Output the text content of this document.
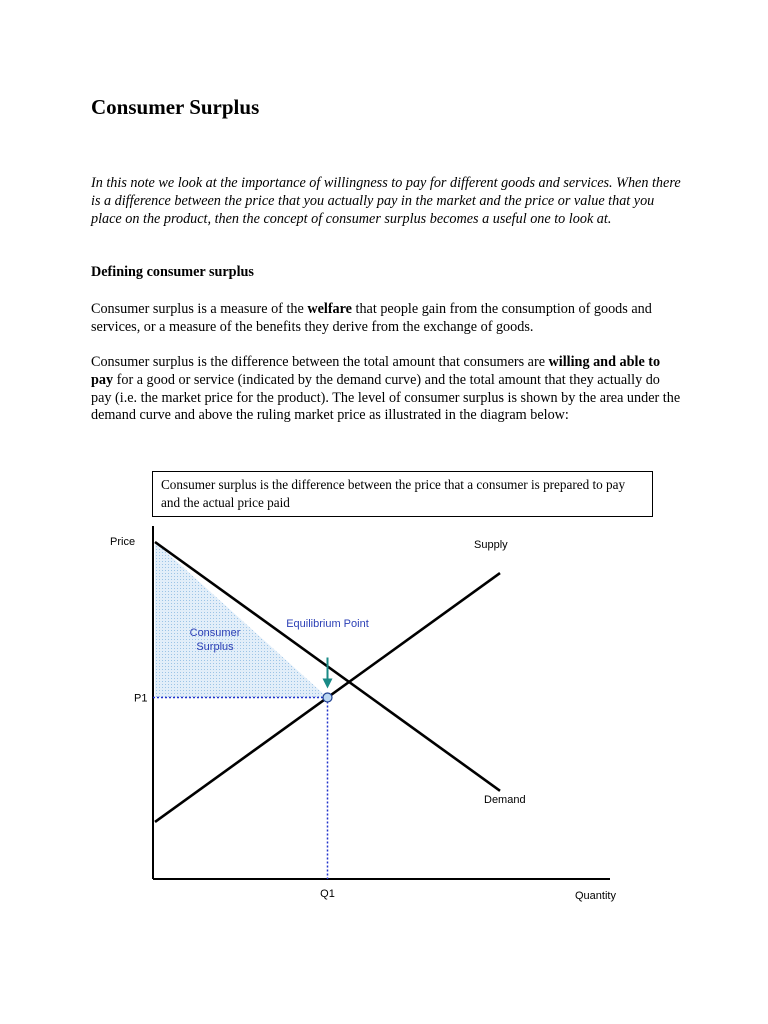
Consumer Surplus

In this note we look at the importance of willingness to pay for different goods and services. When there is a difference between the price that you actually pay in the market and the price or value that you place on the product, then the concept of consumer surplus becomes a useful one to look at.

Defining consumer surplus

Consumer surplus is a measure of the welfare that people gain from the consumption of goods and services, or a measure of the benefits they derive from the exchange of goods.

Consumer surplus is the difference between the total amount that consumers are willing and able to pay for a good or service (indicated by the demand curve) and the total amount that they actually do pay (i.e. the market price for the product). The level of consumer surplus is shown by the area under the demand curve and above the ruling market price as illustrated in the diagram below:

Consumer surplus is the difference between the price that a consumer is prepared to pay and the actual price paid
Price
Quantity
Supply
Demand
Equilibrium Point
Consumer
Surplus
P1
Q1
